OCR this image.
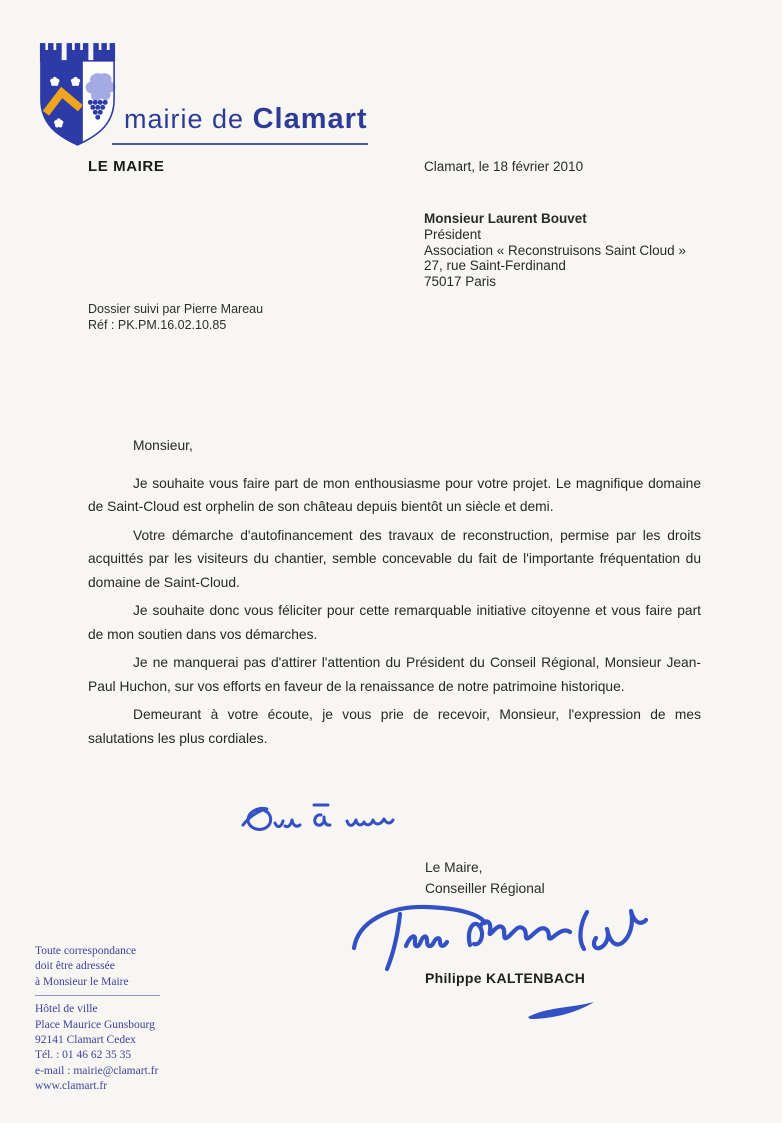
mairie de Clamart
LE MAIRE	Clamart, le 18 février 2010
Monsieur Laurent Bouvet
Président
Association « Reconstruisons Saint Cloud »
27, rue Saint-Ferdinand
75017 Paris
Dossier suivi par Pierre Mareau
Réf : PK.PM.16.02.10.85

Monsieur,

Je souhaite vous faire part de mon enthousiasme pour votre projet. Le magnifique domaine de Saint-Cloud est orphelin de son château depuis bientôt un siècle et demi.

Votre démarche d'autofinancement des travaux de reconstruction, permise par les droits acquittés par les visiteurs du chantier, semble concevable du fait de l'importante fréquentation du domaine de Saint-Cloud.

Je souhaite donc vous féliciter pour cette remarquable initiative citoyenne et vous faire part de mon soutien dans vos démarches.

Je ne manquerai pas d'attirer l'attention du Président du Conseil Régional, Monsieur Jean-Paul Huchon, sur vos efforts en faveur de la renaissance de notre patrimoine historique.

Demeurant à votre écoute, je vous prie de recevoir, Monsieur, l'expression de mes salutations les plus cordiales.

Le Maire,
Conseiller Régional
Philippe KALTENBACH
Toute correspondance
doit être adressée
à Monsieur le Maire
Hôtel de ville
Place Maurice Gunsbourg
92141 Clamart Cedex
Tél. : 01 46 62 35 35
e-mail : mairie@clamart.fr
www.clamart.fr
